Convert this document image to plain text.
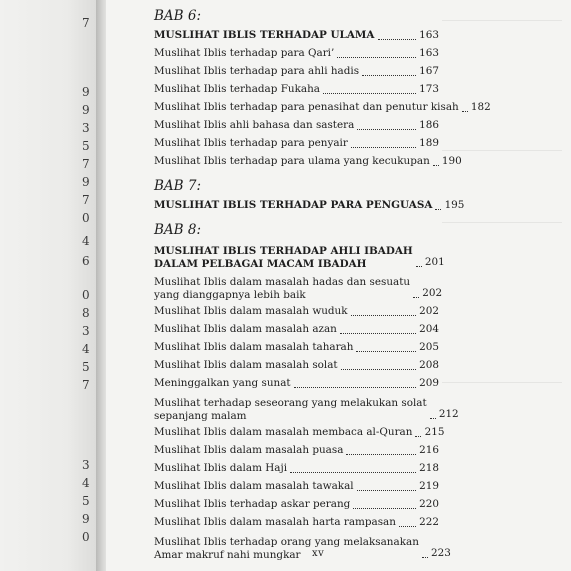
7
9
9
3
5
7
9
7
0
4
6
0
8
3
4
5
7
3
4
5
9
0
BAB 6:
MUSLIHAT IBLIS TERHADAP ULAMA	163
Muslihat Iblis terhadap para Qari’	163
Muslihat Iblis terhadap para ahli hadis	167
Muslihat Iblis terhadap Fukaha	173
Muslihat Iblis terhadap para penasihat dan penutur kisah 182
Muslihat Iblis ahli bahasa dan sastera	186
Muslihat Iblis terhadap para penyair	189
Muslihat Iblis terhadap para ulama yang kecukupan 190
BAB 7:
MUSLIHAT IBLIS TERHADAP PARA PENGUASA 195
BAB 8:
MUSLIHAT IBLIS TERHADAP AHLI IBADAH
DALAM PELBAGAI MACAM IBADAH	201
Muslihat Iblis dalam masalah hadas dan sesuatu
yang dianggapnya lebih baik	202
Muslihat Iblis dalam masalah wuduk	202
Muslihat Iblis dalam masalah azan	204
Muslihat Iblis dalam masalah taharah	205
Muslihat Iblis dalam masalah solat	208
Meninggalkan yang sunat	209
Muslihat terhadap seseorang yang melakukan solat
sepanjang malam	212
Muslihat Iblis dalam masalah membaca al-Quran 215
Muslihat Iblis dalam masalah puasa	216
Muslihat Iblis dalam Haji	218
Muslihat Iblis dalam masalah tawakal	219
Muslihat Iblis terhadap askar perang	220
Muslihat Iblis dalam masalah harta rampasan 222
Muslihat Iblis terhadap orang yang melaksanakan
Amar makruf nahi mungkar	223
xv
